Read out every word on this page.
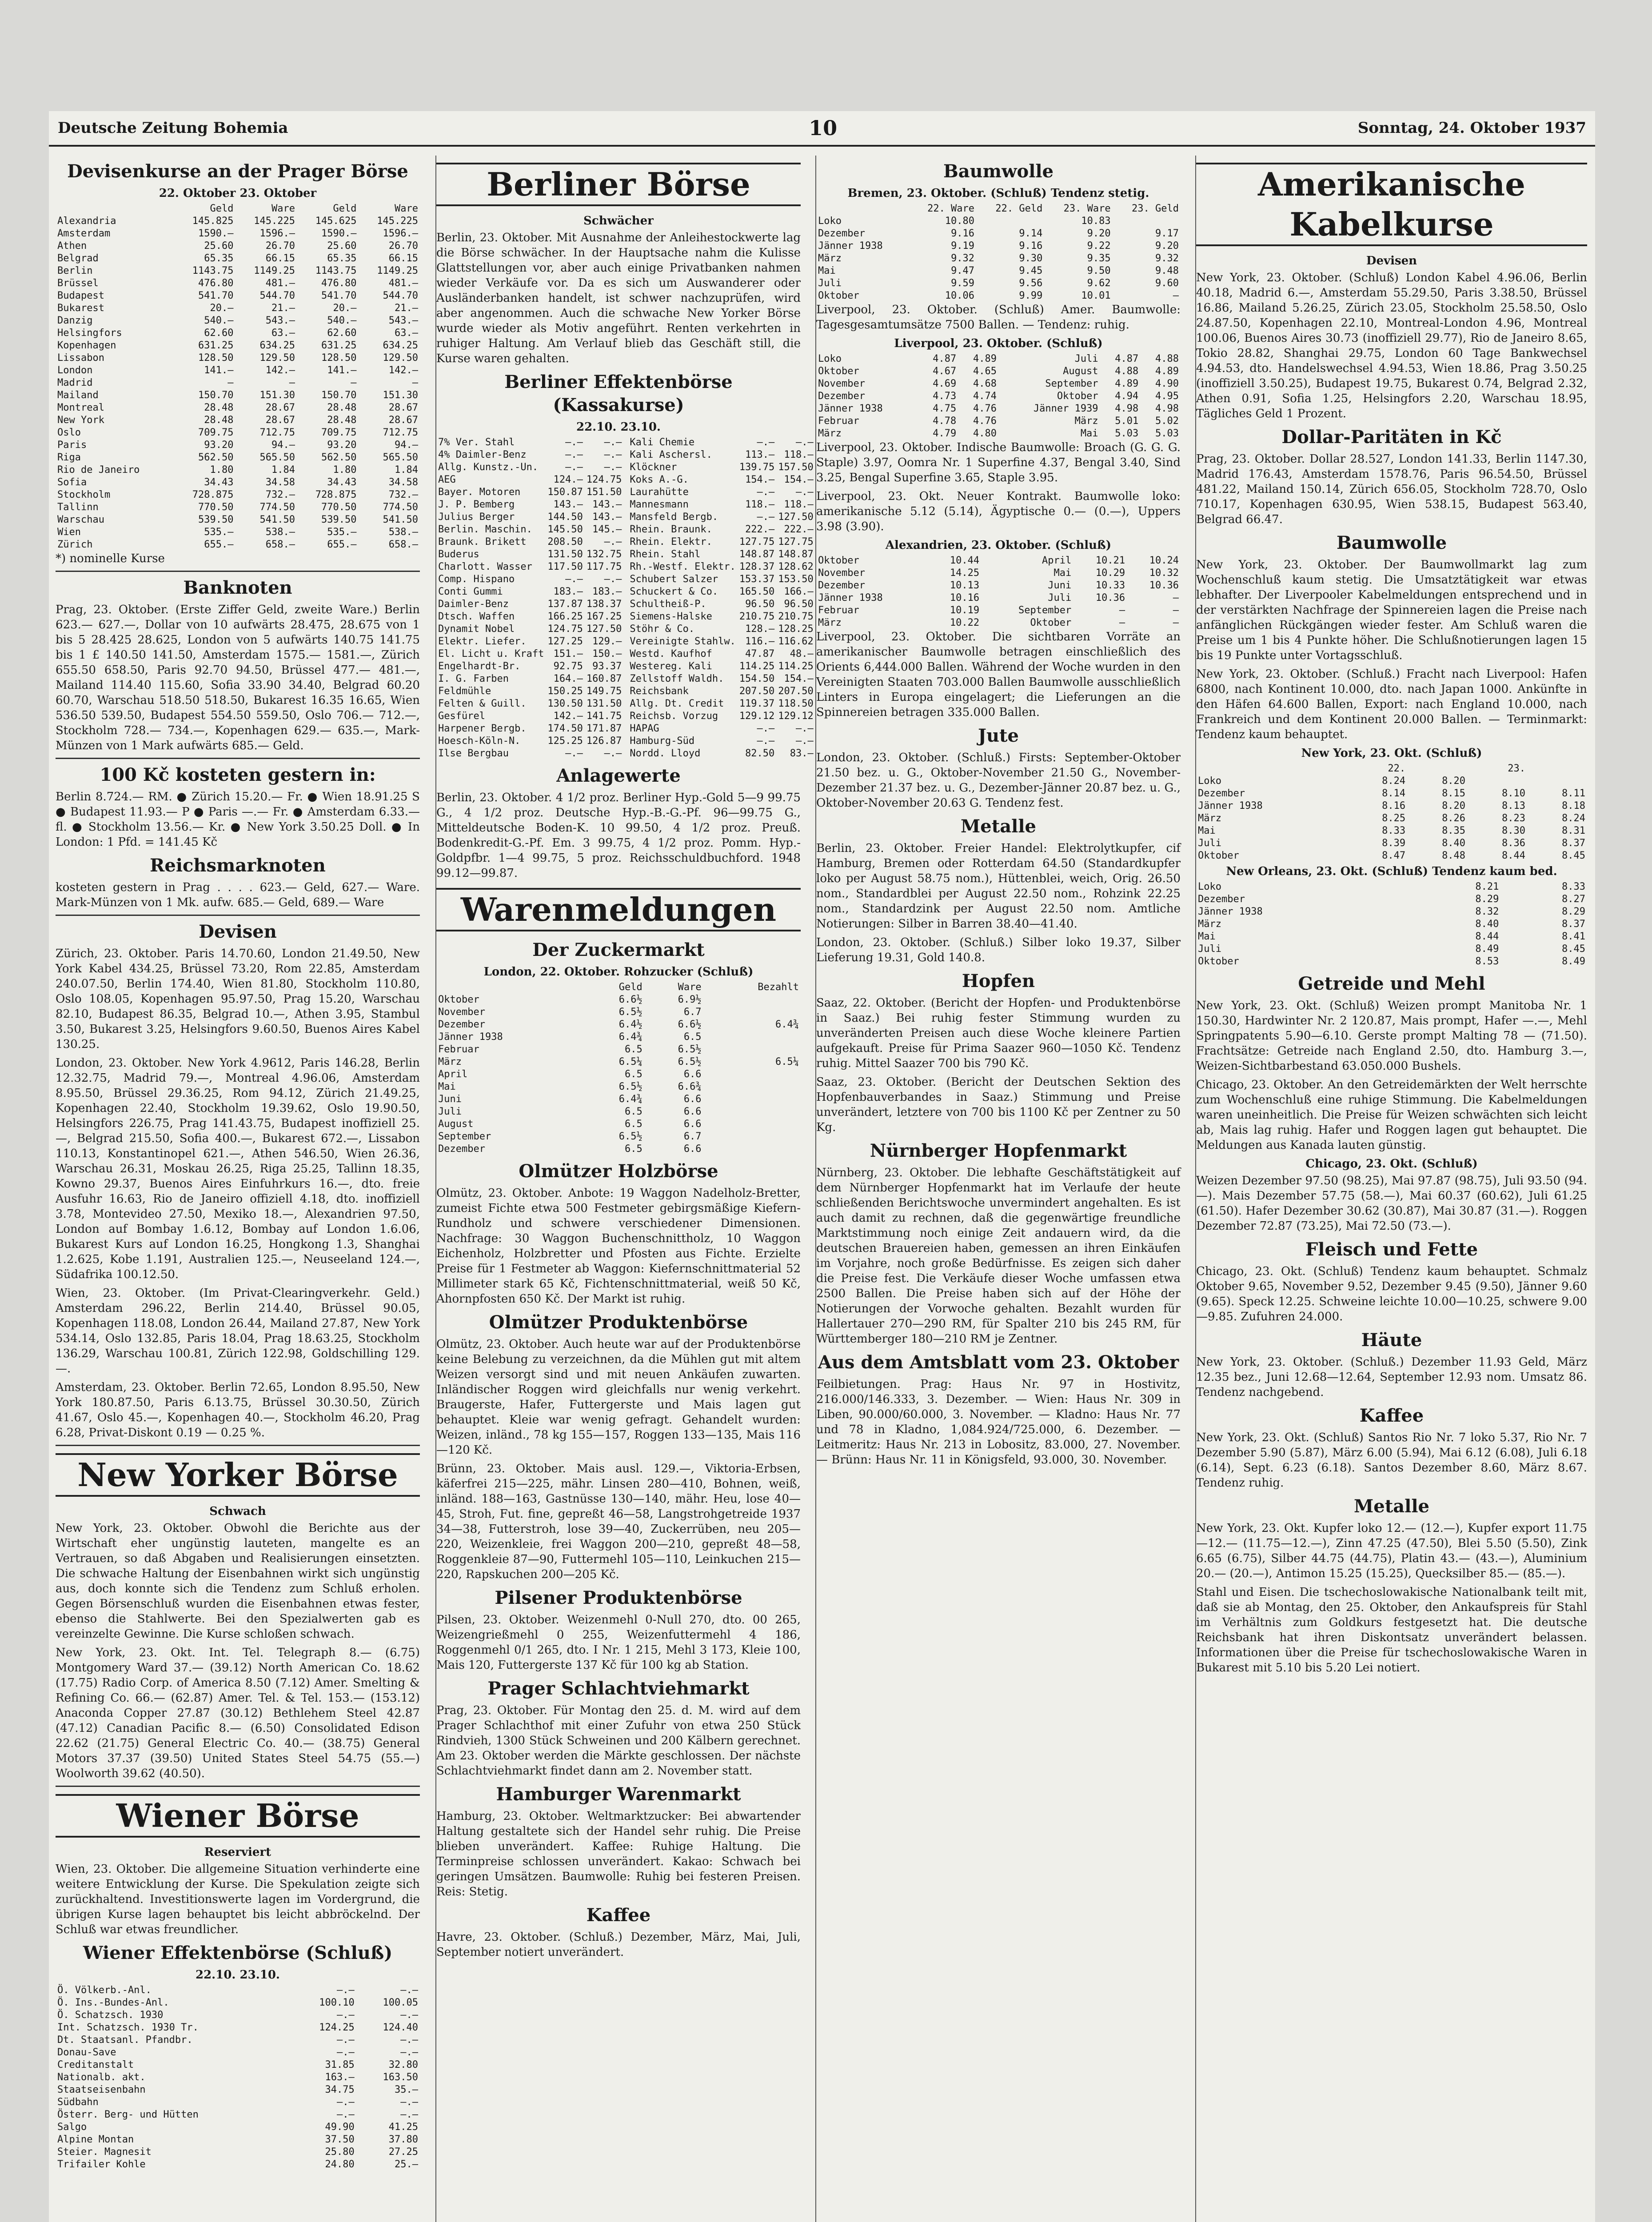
Deutsche Zeitung Bohemia	10	Sonntag, 24. Oktober 1937
Devisenkurse an der Prager Börse
22. Oktober 23. Oktober
	Geld	Ware	Geld	Ware
Alexandria	145.825	145.225	145.625	145.225
Amsterdam	1590.—	1596.—	1590.—	1596.—
Athen	25.60	26.70	25.60	26.70
Belgrad	65.35	66.15	65.35	66.15
Berlin	1143.75	1149.25	1143.75	1149.25
Brüssel	476.80	481.—	476.80	481.—
Budapest	541.70	544.70	541.70	544.70
Bukarest	20.—	21.—	20.—	21.—
Danzig	540.—	543.—	540.—	543.—
Helsingfors	62.60	63.—	62.60	63.—
Kopenhagen	631.25	634.25	631.25	634.25
Lissabon	128.50	129.50	128.50	129.50
London	141.—	142.—	141.—	142.—
Madrid	—	—	—	—
Mailand	150.70	151.30	150.70	151.30
Montreal	28.48	28.67	28.48	28.67
New York	28.48	28.67	28.48	28.67
Oslo	709.75	712.75	709.75	712.75
Paris	93.20	94.—	93.20	94.—
Riga	562.50	565.50	562.50	565.50
Rio de Janeiro	1.80	1.84	1.80	1.84
Sofia	34.43	34.58	34.43	34.58
Stockholm	728.875	732.—	728.875	732.—
Tallinn	770.50	774.50	770.50	774.50
Warschau	539.50	541.50	539.50	541.50
Wien	535.—	538.—	535.—	538.—
Zürich	655.—	658.—	655.—	658.—
*) nominelle Kurse
Banknoten

Prag, 23. Oktober. (Erste Ziffer Geld, zweite Ware.) Berlin 623.— 627.—, Dollar von 10 aufwärts 28.475, 28.675 von 1 bis 5 28.425 28.625, London von 5 aufwärts 140.75 141.75 bis 1 £ 140.50 141.50, Amsterdam 1575.— 1581.—, Zürich 655.50 658.50, Paris 92.70 94.50, Brüssel 477.— 481.—, Mailand 114.40 115.60, Sofia 33.90 34.40, Belgrad 60.20 60.70, Warschau 518.50 518.50, Bukarest 16.35 16.65, Wien 536.50 539.50, Budapest 554.50 559.50, Oslo 706.— 712.—, Stockholm 728.— 734.—, Kopenhagen 629.— 635.—, Mark-Münzen von 1 Mark aufwärts 685.— Geld.

100 Kč kosteten gestern in:

Berlin 8.724.— RM. ● Zürich 15.20.— Fr. ● Wien 18.91.25 S ● Budapest 11.93.— P ● Paris —.— Fr. ● Amsterdam 6.33.— fl. ● Stockholm 13.56.— Kr. ● New York 3.50.25 Doll. ● In London: 1 Pfd. = 141.45 Kč

Reichsmarknoten

kosteten gestern in Prag . . . . 623.— Geld, 627.— Ware. Mark-Münzen von 1 Mk. aufw. 685.— Geld, 689.— Ware

Devisen

Zürich, 23. Oktober. Paris 14.70.60, London 21.49.50, New York Kabel 434.25, Brüssel 73.20, Rom 22.85, Amsterdam 240.07.50, Berlin 174.40, Wien 81.80, Stockholm 110.80, Oslo 108.05, Kopenhagen 95.97.50, Prag 15.20, Warschau 82.10, Budapest 86.35, Belgrad 10.—, Athen 3.95, Stambul 3.50, Bukarest 3.25, Helsingfors 9.60.50, Buenos Aires Kabel 130.25.

London, 23. Oktober. New York 4.9612, Paris 146.28, Berlin 12.32.75, Madrid 79.—, Montreal 4.96.06, Amsterdam 8.95.50, Brüssel 29.36.25, Rom 94.12, Zürich 21.49.25, Kopenhagen 22.40, Stockholm 19.39.62, Oslo 19.90.50, Helsingfors 226.75, Prag 141.43.75, Budapest inoffiziell 25.—, Belgrad 215.50, Sofia 400.—, Bukarest 672.—, Lissabon 110.13, Konstantinopel 621.—, Athen 546.50, Wien 26.36, Warschau 26.31, Moskau 26.25, Riga 25.25, Tallinn 18.35, Kowno 29.37, Buenos Aires Einfuhrkurs 16.—, dto. freie Ausfuhr 16.63, Rio de Janeiro offiziell 4.18, dto. inoffiziell 3.78, Montevideo 27.50, Mexiko 18.—, Alexandrien 97.50, London auf Bombay 1.6.12, Bombay auf London 1.6.06, Bukarest Kurs auf London 16.25, Hongkong 1.3, Shanghai 1.2.625, Kobe 1.191, Australien 125.—, Neuseeland 124.—, Südafrika 100.12.50.

Wien, 23. Oktober. (Im Privat-Clearingverkehr. Geld.) Amsterdam 296.22, Berlin 214.40, Brüssel 90.05, Kopenhagen 118.08, London 26.44, Mailand 27.87, New York 534.14, Oslo 132.85, Paris 18.04, Prag 18.63.25, Stockholm 136.29, Warschau 100.81, Zürich 122.98, Goldschilling 129.—.

Amsterdam, 23. Oktober. Berlin 72.65, London 8.95.50, New York 180.87.50, Paris 6.13.75, Brüssel 30.30.50, Zürich 41.67, Oslo 45.—, Kopenhagen 40.—, Stockholm 46.20, Prag 6.28, Privat-Diskont 0.19 — 0.25 %.

New Yorker Börse
Schwach

New York, 23. Oktober. Obwohl die Berichte aus der Wirtschaft eher ungünstig lauteten, mangelte es an Vertrauen, so daß Abgaben und Realisierungen einsetzten. Die schwache Haltung der Eisenbahnen wirkt sich ungünstig aus, doch konnte sich die Tendenz zum Schluß erholen. Gegen Börsenschluß wurden die Eisenbahnen etwas fester, ebenso die Stahlwerte. Bei den Spezialwerten gab es vereinzelte Gewinne. Die Kurse schloßen schwach.

New York, 23. Okt. Int. Tel. Telegraph 8.— (6.75) Montgomery Ward 37.— (39.12) North American Co. 18.62 (17.75) Radio Corp. of America 8.50 (7.12) Amer. Smelting & Refining Co. 66.— (62.87) Amer. Tel. & Tel. 153.— (153.12) Anaconda Copper 27.87 (30.12) Bethlehem Steel 42.87 (47.12) Canadian Pacific 8.— (6.50) Consolidated Edison 22.62 (21.75) General Electric Co. 40.— (38.75) General Motors 37.37 (39.50) United States Steel 54.75 (55.—) Woolworth 39.62 (40.50).

Wiener Börse
Reserviert

Wien, 23. Oktober. Die allgemeine Situation verhinderte eine weitere Entwicklung der Kurse. Die Spekulation zeigte sich zurückhaltend. Investitionswerte lagen im Vordergrund, die übrigen Kurse lagen behauptet bis leicht abbröckelnd. Der Schluß war etwas freundlicher.

Wiener Effektenbörse (Schluß)
22.10. 23.10.
Ö. Völkerb.-Anl.	—.—	—.—
Ö. Ins.-Bundes-Anl.	100.10	100.05
Ö. Schatzsch. 1930	—.—	—.—
Int. Schatzsch. 1930 Tr.	124.25	124.40
Dt. Staatsanl. Pfandbr.	—.—	—.—
Donau-Save	—.—	—.—
Creditanstalt	31.85	32.80
Nationalb. akt.	163.—	163.50
Staatseisenbahn	34.75	35.—
Südbahn	—.—	—.—
Österr. Berg- und Hütten	—.—	—.—
Salgo	49.90	41.25
Alpine Montan	37.50	37.80
Steier. Magnesit	25.80	27.25
Trifailer Kohle	24.80	25.—
Berliner Börse
Schwächer

Berlin, 23. Oktober. Mit Ausnahme der Anleihestockwerte lag die Börse schwächer. In der Hauptsache nahm die Kulisse Glattstellungen vor, aber auch einige Privatbanken nahmen wieder Verkäufe vor. Da es sich um Auswanderer oder Ausländerbanken handelt, ist schwer nachzuprüfen, wird aber angenommen. Auch die schwache New Yorker Börse wurde wieder als Motiv angeführt. Renten verkehrten in ruhiger Haltung. Am Verlauf blieb das Geschäft still, die Kurse waren gehalten.

Berliner Effektenbörse (Kassakurse)
22.10. 23.10.
7% Ver. Stahl	—.—	—.—
4% Daimler-Benz	—.—	—.—
Allg. Kunstz.-Un.	—.—	—.—
AEG	124.—	124.75
Bayer. Motoren	150.87	151.50
J. P. Bemberg	143.—	143.—
Julius Berger	144.50	143.—
Berlin. Maschin.	145.50	145.—
Braunk. Brikett	208.50	—.—
Buderus	131.50	132.75
Charlott. Wasser	117.50	117.75
Comp. Hispano	—.—	—.—
Conti Gummi	183.—	183.—
Daimler-Benz	137.87	138.37
Dtsch. Waffen	166.25	167.25
Dynamit Nobel	124.75	127.50
Elektr. Liefer.	127.25	129.—
El. Licht u. Kraft	151.—	150.—
Engelhardt-Br.	92.75	93.37
I. G. Farben	164.—	160.87
Feldmühle	150.25	149.75
Felten & Guill.	130.50	131.50
Gesfürel	142.—	141.75
Harpener Bergb.	174.50	171.87
Hoesch-Köln-N.	125.25	126.87
Ilse Bergbau	—.—	—.—
Kali Chemie	—.—	—.—
Kali Aschersl.	113.—	118.—
Klöckner	139.75	157.50
Koks A.-G.	154.—	154.—
Laurahütte	—.—	—.—
Mannesmann	118.—	118.—
Mansfeld Bergb.	—.—	127.50
Rhein. Braunk.	222.—	222.—
Rhein. Elektr.	127.75	127.75
Rhein. Stahl	148.87	148.87
Rh.-Westf. Elektr.	128.37	128.62
Schubert Salzer	153.37	153.50
Schuckert & Co.	165.50	166.—
Schultheiß-P.	96.50	96.50
Siemens-Halske	210.75	210.75
Stöhr & Co.	128.—	128.25
Vereinigte Stahlw.	116.—	116.62
Westd. Kaufhof	47.87	48.—
Westereg. Kali	114.25	114.25
Zellstoff Waldh.	154.50	154.—
Reichsbank	207.50	207.50
Allg. Dt. Credit	119.37	118.50
Reichsb. Vorzug	129.12	129.12
HAPAG	—.—	—.—
Hamburg-Süd	—.—	—.—
Nordd. Lloyd	82.50	83.—
Anlagewerte

Berlin, 23. Oktober. 4 1/2 proz. Berliner Hyp.-Gold 5—9 99.75 G., 4 1/2 proz. Deutsche Hyp.-B.-G.-Pf. 96—99.75 G., Mitteldeutsche Boden-K. 10 99.50, 4 1/2 proz. Preuß. Bodenkredit-G.-Pf. Em. 3 99.75, 4 1/2 proz. Pomm. Hyp.-Goldpfbr. 1—4 99.75, 5 proz. Reichsschuldbuchford. 1948 99.12—99.87.

Warenmeldungen
Der Zuckermarkt
London, 22. Oktober. Rohzucker (Schluß)
	Geld	Ware	Bezahlt
Oktober	6.6½	6.9½	
November	6.5½	6.7	
Dezember	6.4½	6.6½	6.4¾
Jänner 1938	6.4¾	6.5	
Februar	6.5	6.5½	
März	6.5¼	6.5½	6.5¼
April	6.5	6.6	
Mai	6.5½	6.6¾	
Juni	6.4¾	6.6	
Juli	6.5	6.6	
August	6.5	6.6	
September	6.5½	6.7	
Dezember	6.5	6.6	
Olmützer Holzbörse

Olmütz, 23. Oktober. Anbote: 19 Waggon Nadelholz-Bretter, zumeist Fichte etwa 500 Festmeter gebirgsmäßige Kiefern-Rundholz und schwere verschiedener Dimensionen. Nachfrage: 30 Waggon Buchenschnittholz, 10 Waggon Eichenholz, Holzbretter und Pfosten aus Fichte. Erzielte Preise für 1 Festmeter ab Waggon: Kiefernschnittmaterial 52 Millimeter stark 65 Kč, Fichtenschnittmaterial, weiß 50 Kč, Ahornpfosten 650 Kč. Der Markt ist ruhig.

Olmützer Produktenbörse

Olmütz, 23. Oktober. Auch heute war auf der Produktenbörse keine Belebung zu verzeichnen, da die Mühlen gut mit altem Weizen versorgt sind und mit neuen Ankäufen zuwarten. Inländischer Roggen wird gleichfalls nur wenig verkehrt. Braugerste, Hafer, Futtergerste und Mais lagen gut behauptet. Kleie war wenig gefragt. Gehandelt wurden: Weizen, inländ., 78 kg 155—157, Roggen 133—135, Mais 116—120 Kč.

Brünn, 23. Oktober. Mais ausl. 129.—, Viktoria-Erbsen, käferfrei 215—225, mähr. Linsen 280—410, Bohnen, weiß, inländ. 188—163, Gastnüsse 130—140, mähr. Heu, lose 40—45, Stroh, Fut. fine, gepreßt 46—58, Langstrohgetreide 1937 34—38, Futterstroh, lose 39—40, Zuckerrüben, neu 205—220, Weizenkleie, frei Waggon 200—210, gepreßt 48—58, Roggenkleie 87—90, Futtermehl 105—110, Leinkuchen 215—220, Rapskuchen 200—205 Kč.

Pilsener Produktenbörse

Pilsen, 23. Oktober. Weizenmehl 0-Null 270, dto. 00 265, Weizengrießmehl 0 255, Weizenfuttermehl 4 186, Roggenmehl 0/1 265, dto. I Nr. 1 215, Mehl 3 173, Kleie 100, Mais 120, Futtergerste 137 Kč für 100 kg ab Station.

Prager Schlachtviehmarkt

Prag, 23. Oktober. Für Montag den 25. d. M. wird auf dem Prager Schlachthof mit einer Zufuhr von etwa 250 Stück Rindvieh, 1300 Stück Schweinen und 200 Kälbern gerechnet. Am 23. Oktober werden die Märkte geschlossen. Der nächste Schlachtviehmarkt findet dann am 2. November statt.

Hamburger Warenmarkt

Hamburg, 23. Oktober. Weltmarktzucker: Bei abwartender Haltung gestaltete sich der Handel sehr ruhig. Die Preise blieben unverändert. Kaffee: Ruhige Haltung. Die Terminpreise schlossen unverändert. Kakao: Schwach bei geringen Umsätzen. Baumwolle: Ruhig bei festeren Preisen. Reis: Stetig.

Kaffee

Havre, 23. Oktober. (Schluß.) Dezember, März, Mai, Juli, September notiert unverändert.

Baumwolle
Bremen, 23. Oktober. (Schluß) Tendenz stetig.
	22. Ware	22. Geld	23. Ware	23. Geld
Loko	10.80		10.83	
Dezember	9.16	9.14	9.20	9.17
Jänner 1938	9.19	9.16	9.22	9.20
März	9.32	9.30	9.35	9.32
Mai	9.47	9.45	9.50	9.48
Juli	9.59	9.56	9.62	9.60
Oktober	10.06	9.99	10.01	—

Liverpool, 23. Oktober. (Schluß) Amer. Baumwolle: Tagesgesamtumsätze 7500 Ballen. — Tendenz: ruhig.

Liverpool, 23. Oktober. (Schluß)
Loko	4.87	4.89	Juli	4.87	4.88
Oktober	4.67	4.65	August	4.88	4.89
November	4.69	4.68	September	4.89	4.90
Dezember	4.73	4.74	Oktober	4.94	4.95
Jänner 1938	4.75	4.76	Jänner 1939	4.98	4.98
Februar	4.78	4.76	März	5.01	5.02
März	4.79	4.80	Mai	5.03	5.03

Liverpool, 23. Oktober. Indische Baumwolle: Broach (G. G. G. Staple) 3.97, Oomra Nr. 1 Superfine 4.37, Bengal 3.40, Sind 3.25, Bengal Superfine 3.65, Staple 3.95.

Liverpool, 23. Okt. Neuer Kontrakt. Baumwolle loko: amerikanische 5.12 (5.14), Ägyptische 0.— (0.—), Uppers 3.98 (3.90).

Alexandrien, 23. Oktober. (Schluß)
Oktober	10.44	April	10.21	10.24
November	14.25	Mai	10.29	10.32
Dezember	10.13	Juni	10.33	10.36
Jänner 1938	10.16	Juli	10.36	—
Februar	10.19	September	—	—
März	10.22	Oktober	—	—

Liverpool, 23. Oktober. Die sichtbaren Vorräte an amerikanischer Baumwolle betragen einschließlich des Orients 6,444.000 Ballen. Während der Woche wurden in den Vereinigten Staaten 703.000 Ballen Baumwolle ausschließlich Linters in Europa eingelagert; die Lieferungen an die Spinnereien betragen 335.000 Ballen.

Jute

London, 23. Oktober. (Schluß.) Firsts: September-Oktober 21.50 bez. u. G., Oktober-November 21.50 G., November-Dezember 21.37 bez. u. G., Dezember-Jänner 20.87 bez. u. G., Oktober-November 20.63 G. Tendenz fest.

Metalle

Berlin, 23. Oktober. Freier Handel: Elektrolytkupfer, cif Hamburg, Bremen oder Rotterdam 64.50 (Standardkupfer loko per August 58.75 nom.), Hüttenblei, weich, Orig. 26.50 nom., Standardblei per August 22.50 nom., Rohzink 22.25 nom., Standardzink per August 22.50 nom. Amtliche Notierungen: Silber in Barren 38.40—41.40.

London, 23. Oktober. (Schluß.) Silber loko 19.37, Silber Lieferung 19.31, Gold 140.8.

Hopfen

Saaz, 22. Oktober. (Bericht der Hopfen- und Produktenbörse in Saaz.) Bei ruhig fester Stimmung wurden zu unveränderten Preisen auch diese Woche kleinere Partien aufgekauft. Preise für Prima Saazer 960—1050 Kč. Tendenz ruhig. Mittel Saazer 700 bis 790 Kč.

Saaz, 23. Oktober. (Bericht der Deutschen Sektion des Hopfenbauverbandes in Saaz.) Stimmung und Preise unverändert, letztere von 700 bis 1100 Kč per Zentner zu 50 Kg.

Nürnberger Hopfenmarkt

Nürnberg, 23. Oktober. Die lebhafte Geschäftstätigkeit auf dem Nürnberger Hopfenmarkt hat im Verlaufe der heute schließenden Berichtswoche unvermindert angehalten. Es ist auch damit zu rechnen, daß die gegenwärtige freundliche Marktstimmung noch einige Zeit andauern wird, da die deutschen Brauereien haben, gemessen an ihren Einkäufen im Vorjahre, noch große Bedürfnisse. Es zeigen sich daher die Preise fest. Die Verkäufe dieser Woche umfassen etwa 2500 Ballen. Die Preise haben sich auf der Höhe der Notierungen der Vorwoche gehalten. Bezahlt wurden für Hallertauer 270—290 RM, für Spalter 210 bis 245 RM, für Württemberger 180—210 RM je Zentner.

Aus dem Amtsblatt vom 23. Oktober

Feilbietungen. Prag: Haus Nr. 97 in Hostivitz, 216.000/146.333, 3. Dezember. — Wien: Haus Nr. 309 in Liben, 90.000/60.000, 3. November. — Kladno: Haus Nr. 77 und 78 in Kladno, 1,084.924/725.000, 6. Dezember. — Leitmeritz: Haus Nr. 213 in Lobositz, 83.000, 27. November. — Brünn: Haus Nr. 11 in Königsfeld, 93.000, 30. November.

Amerikanische Kabelkurse
Devisen

New York, 23. Oktober. (Schluß) London Kabel 4.96.06, Berlin 40.18, Madrid 6.—, Amsterdam 55.29.50, Paris 3.38.50, Brüssel 16.86, Mailand 5.26.25, Zürich 23.05, Stockholm 25.58.50, Oslo 24.87.50, Kopenhagen 22.10, Montreal-London 4.96, Montreal 100.06, Buenos Aires 30.73 (inoffiziell 29.77), Rio de Janeiro 8.65, Tokio 28.82, Shanghai 29.75, London 60 Tage Bankwechsel 4.94.53, dto. Handelswechsel 4.94.53, Wien 18.86, Prag 3.50.25 (inoffiziell 3.50.25), Budapest 19.75, Bukarest 0.74, Belgrad 2.32, Athen 0.91, Sofia 1.25, Helsingfors 2.20, Warschau 18.95, Tägliches Geld 1 Prozent.

Dollar-Paritäten in Kč

Prag, 23. Oktober. Dollar 28.527, London 141.33, Berlin 1147.30, Madrid 176.43, Amsterdam 1578.76, Paris 96.54.50, Brüssel 481.22, Mailand 150.14, Zürich 656.05, Stockholm 728.70, Oslo 710.17, Kopenhagen 630.95, Wien 538.15, Budapest 563.40, Belgrad 66.47.

Baumwolle

New York, 23. Oktober. Der Baumwollmarkt lag zum Wochenschluß kaum stetig. Die Umsatztätigkeit war etwas lebhafter. Der Liverpooler Kabelmeldungen entsprechend und in der verstärkten Nachfrage der Spinnereien lagen die Preise nach anfänglichen Rückgängen wieder fester. Am Schluß waren die Preise um 1 bis 4 Punkte höher. Die Schlußnotierungen lagen 15 bis 19 Punkte unter Vortagsschluß.

New York, 23. Oktober. (Schluß.) Fracht nach Liverpool: Hafen 6800, nach Kontinent 10.000, dto. nach Japan 1000. Ankünfte in den Häfen 64.600 Ballen, Export: nach England 10.000, nach Frankreich und dem Kontinent 20.000 Ballen. — Terminmarkt: Tendenz kaum behauptet.

New York, 23. Okt. (Schluß)
	22.		23.	
Loko	8.24	8.20		
Dezember	8.14	8.15	8.10	8.11
Jänner 1938	8.16	8.20	8.13	8.18
März	8.25	8.26	8.23	8.24
Mai	8.33	8.35	8.30	8.31
Juli	8.39	8.40	8.36	8.37
Oktober	8.47	8.48	8.44	8.45
New Orleans, 23. Okt. (Schluß) Tendenz kaum bed.
Loko	8.21	8.33
Dezember	8.29	8.27
Jänner 1938	8.32	8.29
März	8.40	8.37
Mai	8.44	8.41
Juli	8.49	8.45
Oktober	8.53	8.49
Getreide und Mehl

New York, 23. Okt. (Schluß) Weizen prompt Manitoba Nr. 1 150.30, Hardwinter Nr. 2 120.87, Mais prompt, Hafer —.—, Mehl Springpatents 5.90—6.10. Gerste prompt Malting 78 — (71.50). Frachtsätze: Getreide nach England 2.50, dto. Hamburg 3.—, Weizen-Sichtbarbestand 63.050.000 Bushels.

Chicago, 23. Oktober. An den Getreidemärkten der Welt herrschte zum Wochenschluß eine ruhige Stimmung. Die Kabelmeldungen waren uneinheitlich. Die Preise für Weizen schwächten sich leicht ab, Mais lag ruhig. Hafer und Roggen lagen gut behauptet. Die Meldungen aus Kanada lauten günstig.

Chicago, 23. Okt. (Schluß)

Weizen Dezember 97.50 (98.25), Mai 97.87 (98.75), Juli 93.50 (94.—). Mais Dezember 57.75 (58.—), Mai 60.37 (60.62), Juli 61.25 (61.50). Hafer Dezember 30.62 (30.87), Mai 30.87 (31.—). Roggen Dezember 72.87 (73.25), Mai 72.50 (73.—).

Fleisch und Fette

Chicago, 23. Okt. (Schluß) Tendenz kaum behauptet. Schmalz Oktober 9.65, November 9.52, Dezember 9.45 (9.50), Jänner 9.60 (9.65). Speck 12.25. Schweine leichte 10.00—10.25, schwere 9.00—9.85. Zufuhren 24.000.

Häute

New York, 23. Oktober. (Schluß.) Dezember 11.93 Geld, März 12.35 bez., Juni 12.68—12.64, September 12.93 nom. Umsatz 86. Tendenz nachgebend.

Kaffee

New York, 23. Okt. (Schluß) Santos Rio Nr. 7 loko 5.37, Rio Nr. 7 Dezember 5.90 (5.87), März 6.00 (5.94), Mai 6.12 (6.08), Juli 6.18 (6.14), Sept. 6.23 (6.18). Santos Dezember 8.60, März 8.67. Tendenz ruhig.

Metalle

New York, 23. Okt. Kupfer loko 12.— (12.—), Kupfer export 11.75—12.— (11.75—12.—), Zinn 47.25 (47.50), Blei 5.50 (5.50), Zink 6.65 (6.75), Silber 44.75 (44.75), Platin 43.— (43.—), Aluminium 20.— (20.—), Antimon 15.25 (15.25), Quecksilber 85.— (85.—).

Stahl und Eisen. Die tschechoslowakische Nationalbank teilt mit, daß sie ab Montag, den 25. Oktober, den Ankaufspreis für Stahl im Verhältnis zum Goldkurs festgesetzt hat. Die deutsche Reichsbank hat ihren Diskontsatz unverändert belassen. Informationen über die Preise für tschechoslowakische Waren in Bukarest mit 5.10 bis 5.20 Lei notiert.
